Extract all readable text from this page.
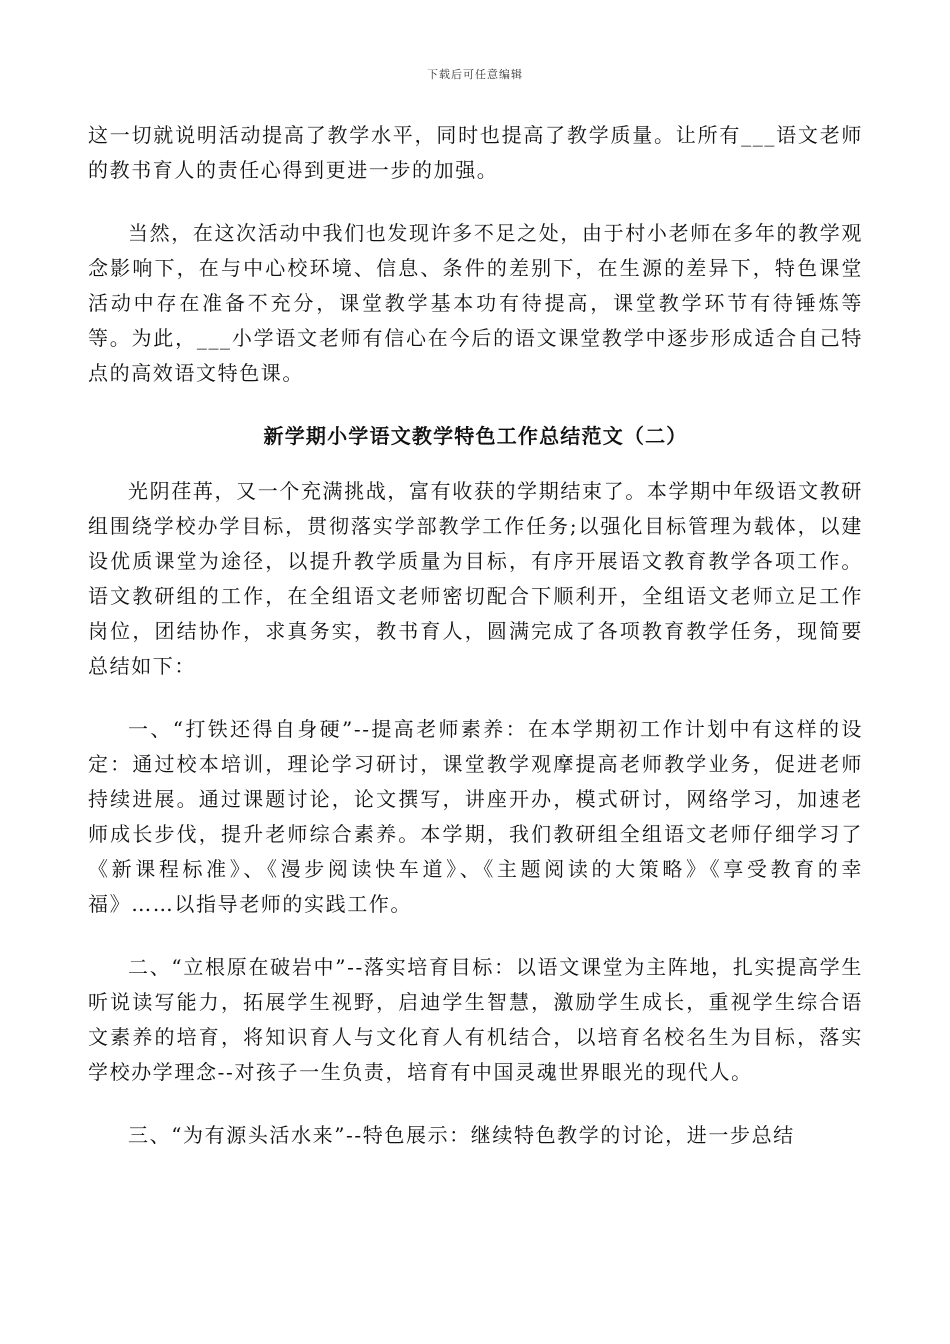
下载后可任意编辑

这一切就说明活动提高了教学水平，同时也提高了教学质量。让所有___语文老师的教书育人的责任心得到更进一步的加强。

当然，在这次活动中我们也发现许多不足之处，由于村小老师在多年的教学观念影响下，在与中心校环境、信息、条件的差别下，在生源的差异下，特色课堂活动中存在准备不充分，课堂教学基本功有待提高，课堂教学环节有待锤炼等等。为此，___小学语文老师有信心在今后的语文课堂教学中逐步形成适合自己特点的高效语文特色课。

新学期小学语文教学特色工作总结范文（二）

光阴荏苒，又一个充满挑战，富有收获的学期结束了。本学期中年级语文教研组围绕学校办学目标，贯彻落实学部教学工作任务;以强化目标管理为载体，以建设优质课堂为途径，以提升教学质量为目标，有序开展语文教育教学各项工作。语文教研组的工作，在全组语文老师密切配合下顺利开，全组语文老师立足工作岗位，团结协作，求真务实，教书育人，圆满完成了各项教育教学任务，现简要总结如下：

一、“打铁还得自身硬”--提高老师素养：在本学期初工作计划中有这样的设定：通过校本培训，理论学习研讨，课堂教学观摩提高老师教学业务，促进老师持续进展。通过课题讨论，论文撰写，讲座开办，模式研讨，网络学习，加速老师成长步伐，提升老师综合素养。本学期，我们教研组全组语文老师仔细学习了《新课程标准》、《漫步阅读快车道》、《主题阅读的大策略》《享受教育的幸福》……以指导老师的实践工作。

二、“立根原在破岩中”--落实培育目标：以语文课堂为主阵地，扎实提高学生听说读写能力，拓展学生视野，启迪学生智慧，激励学生成长，重视学生综合语文素养的培育，将知识育人与文化育人有机结合，以培育名校名生为目标，落实学校办学理念--对孩子一生负责，培育有中国灵魂世界眼光的现代人。

三、“为有源头活水来”--特色展示：继续特色教学的讨论，进一步总结
